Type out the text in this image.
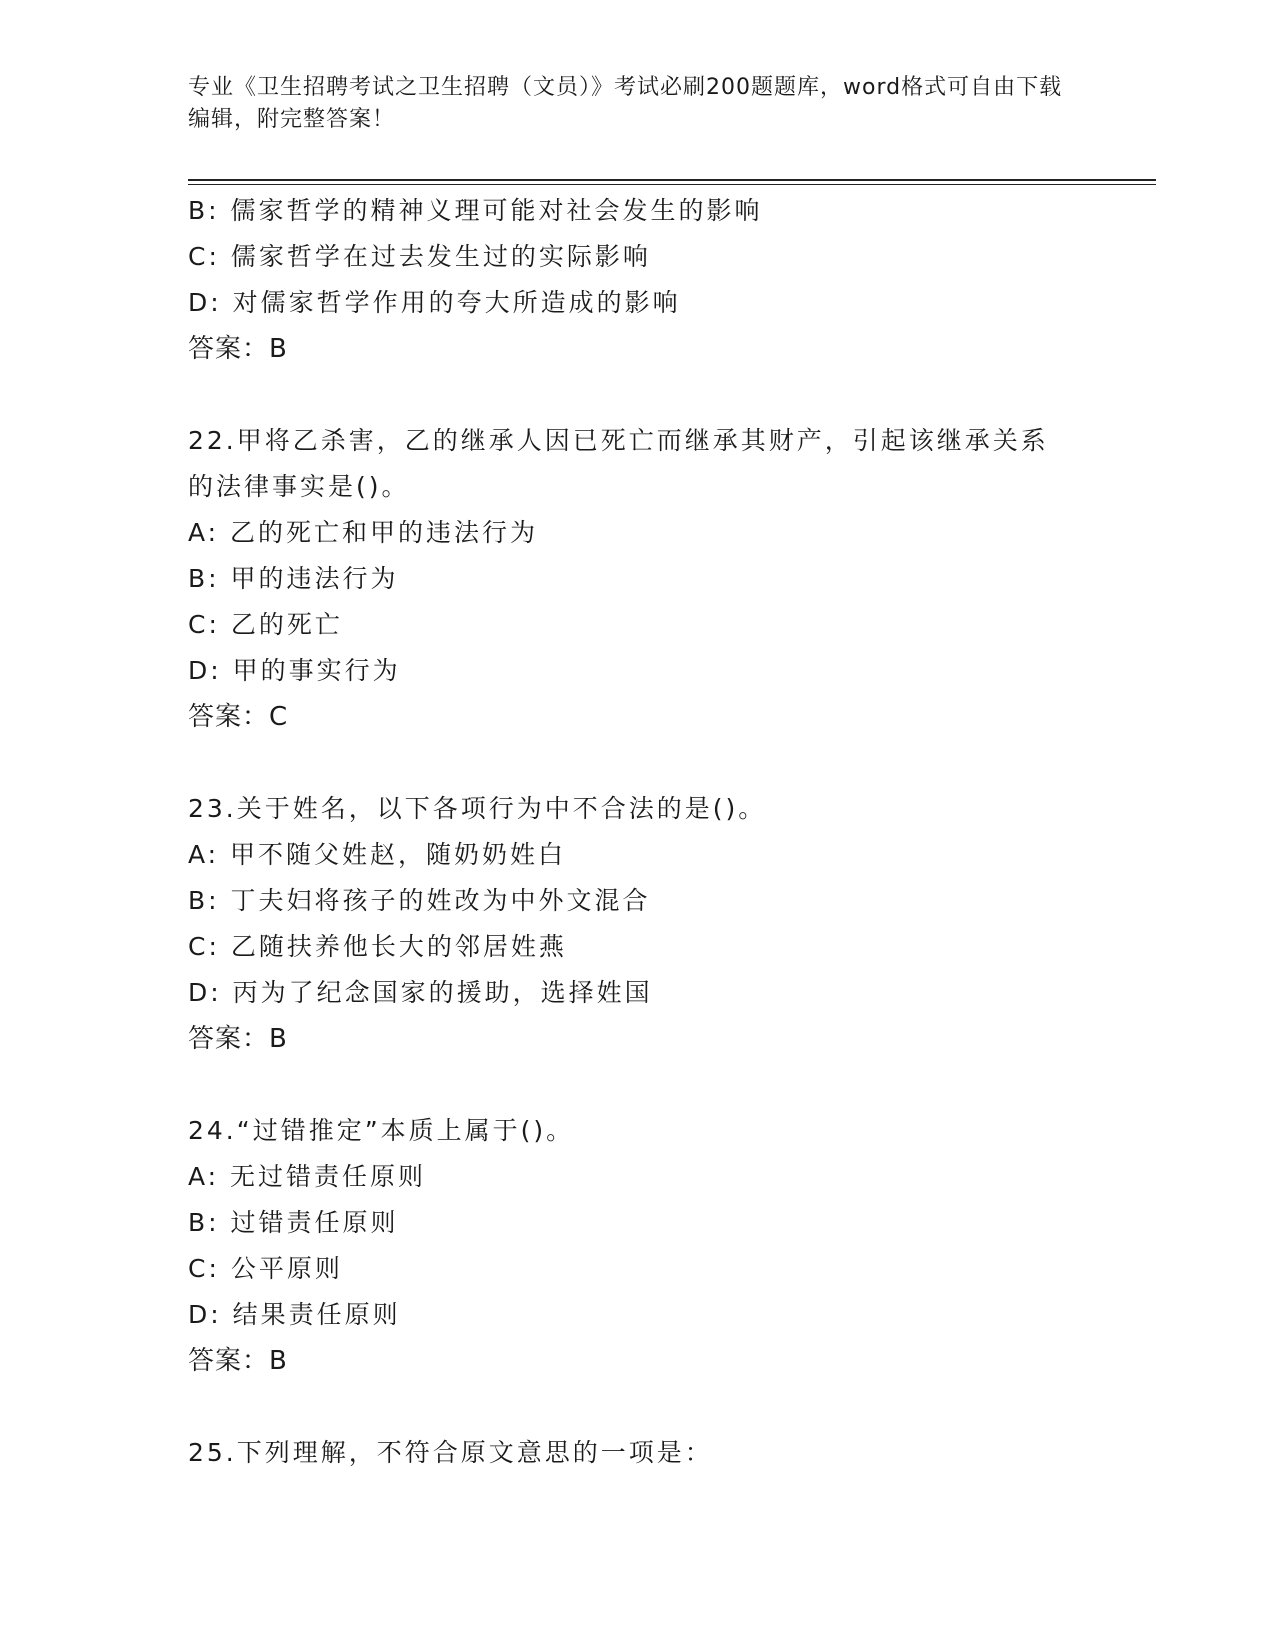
专业《卫生招聘考试之卫生招聘（文员）》考试必刷200题题库，word格式可自由下载编辑，附完整答案！
B: 儒家哲学的精神义理可能对社会发生的影响
C: 儒家哲学在过去发生过的实际影响
D: 对儒家哲学作用的夸大所造成的影响
答案：B
22.甲将乙杀害，乙的继承人因已死亡而继承其财产，引起该继承关系
的法律事实是()。
A: 乙的死亡和甲的违法行为
B: 甲的违法行为
C: 乙的死亡
D: 甲的事实行为
答案：C
23.关于姓名，以下各项行为中不合法的是()。
A: 甲不随父姓赵，随奶奶姓白
B: 丁夫妇将孩子的姓改为中外文混合
C: 乙随扶养他长大的邻居姓燕
D: 丙为了纪念国家的援助，选择姓国
答案：B
24.“过错推定”本质上属于()。
A: 无过错责任原则
B: 过错责任原则
C: 公平原则
D: 结果责任原则
答案：B
25.下列理解，不符合原文意思的一项是：
